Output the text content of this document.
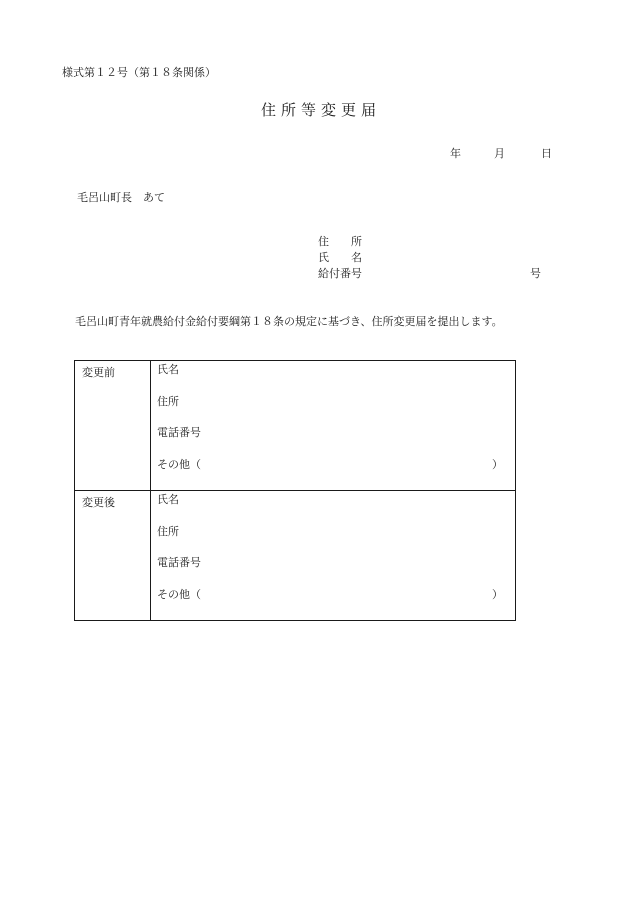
様式第１２号（第１８条関係）
住所等変更届
年	月	日
毛呂山町長　あて
住　　所
氏　　名
給付番号	号
毛呂山町青年就農給付金給付要綱第１８条の規定に基づき、住所変更届を提出します。
変更前	氏名
住所
電話番号
その他（ ）

変更後	氏名
住所
電話番号
その他（ ）
